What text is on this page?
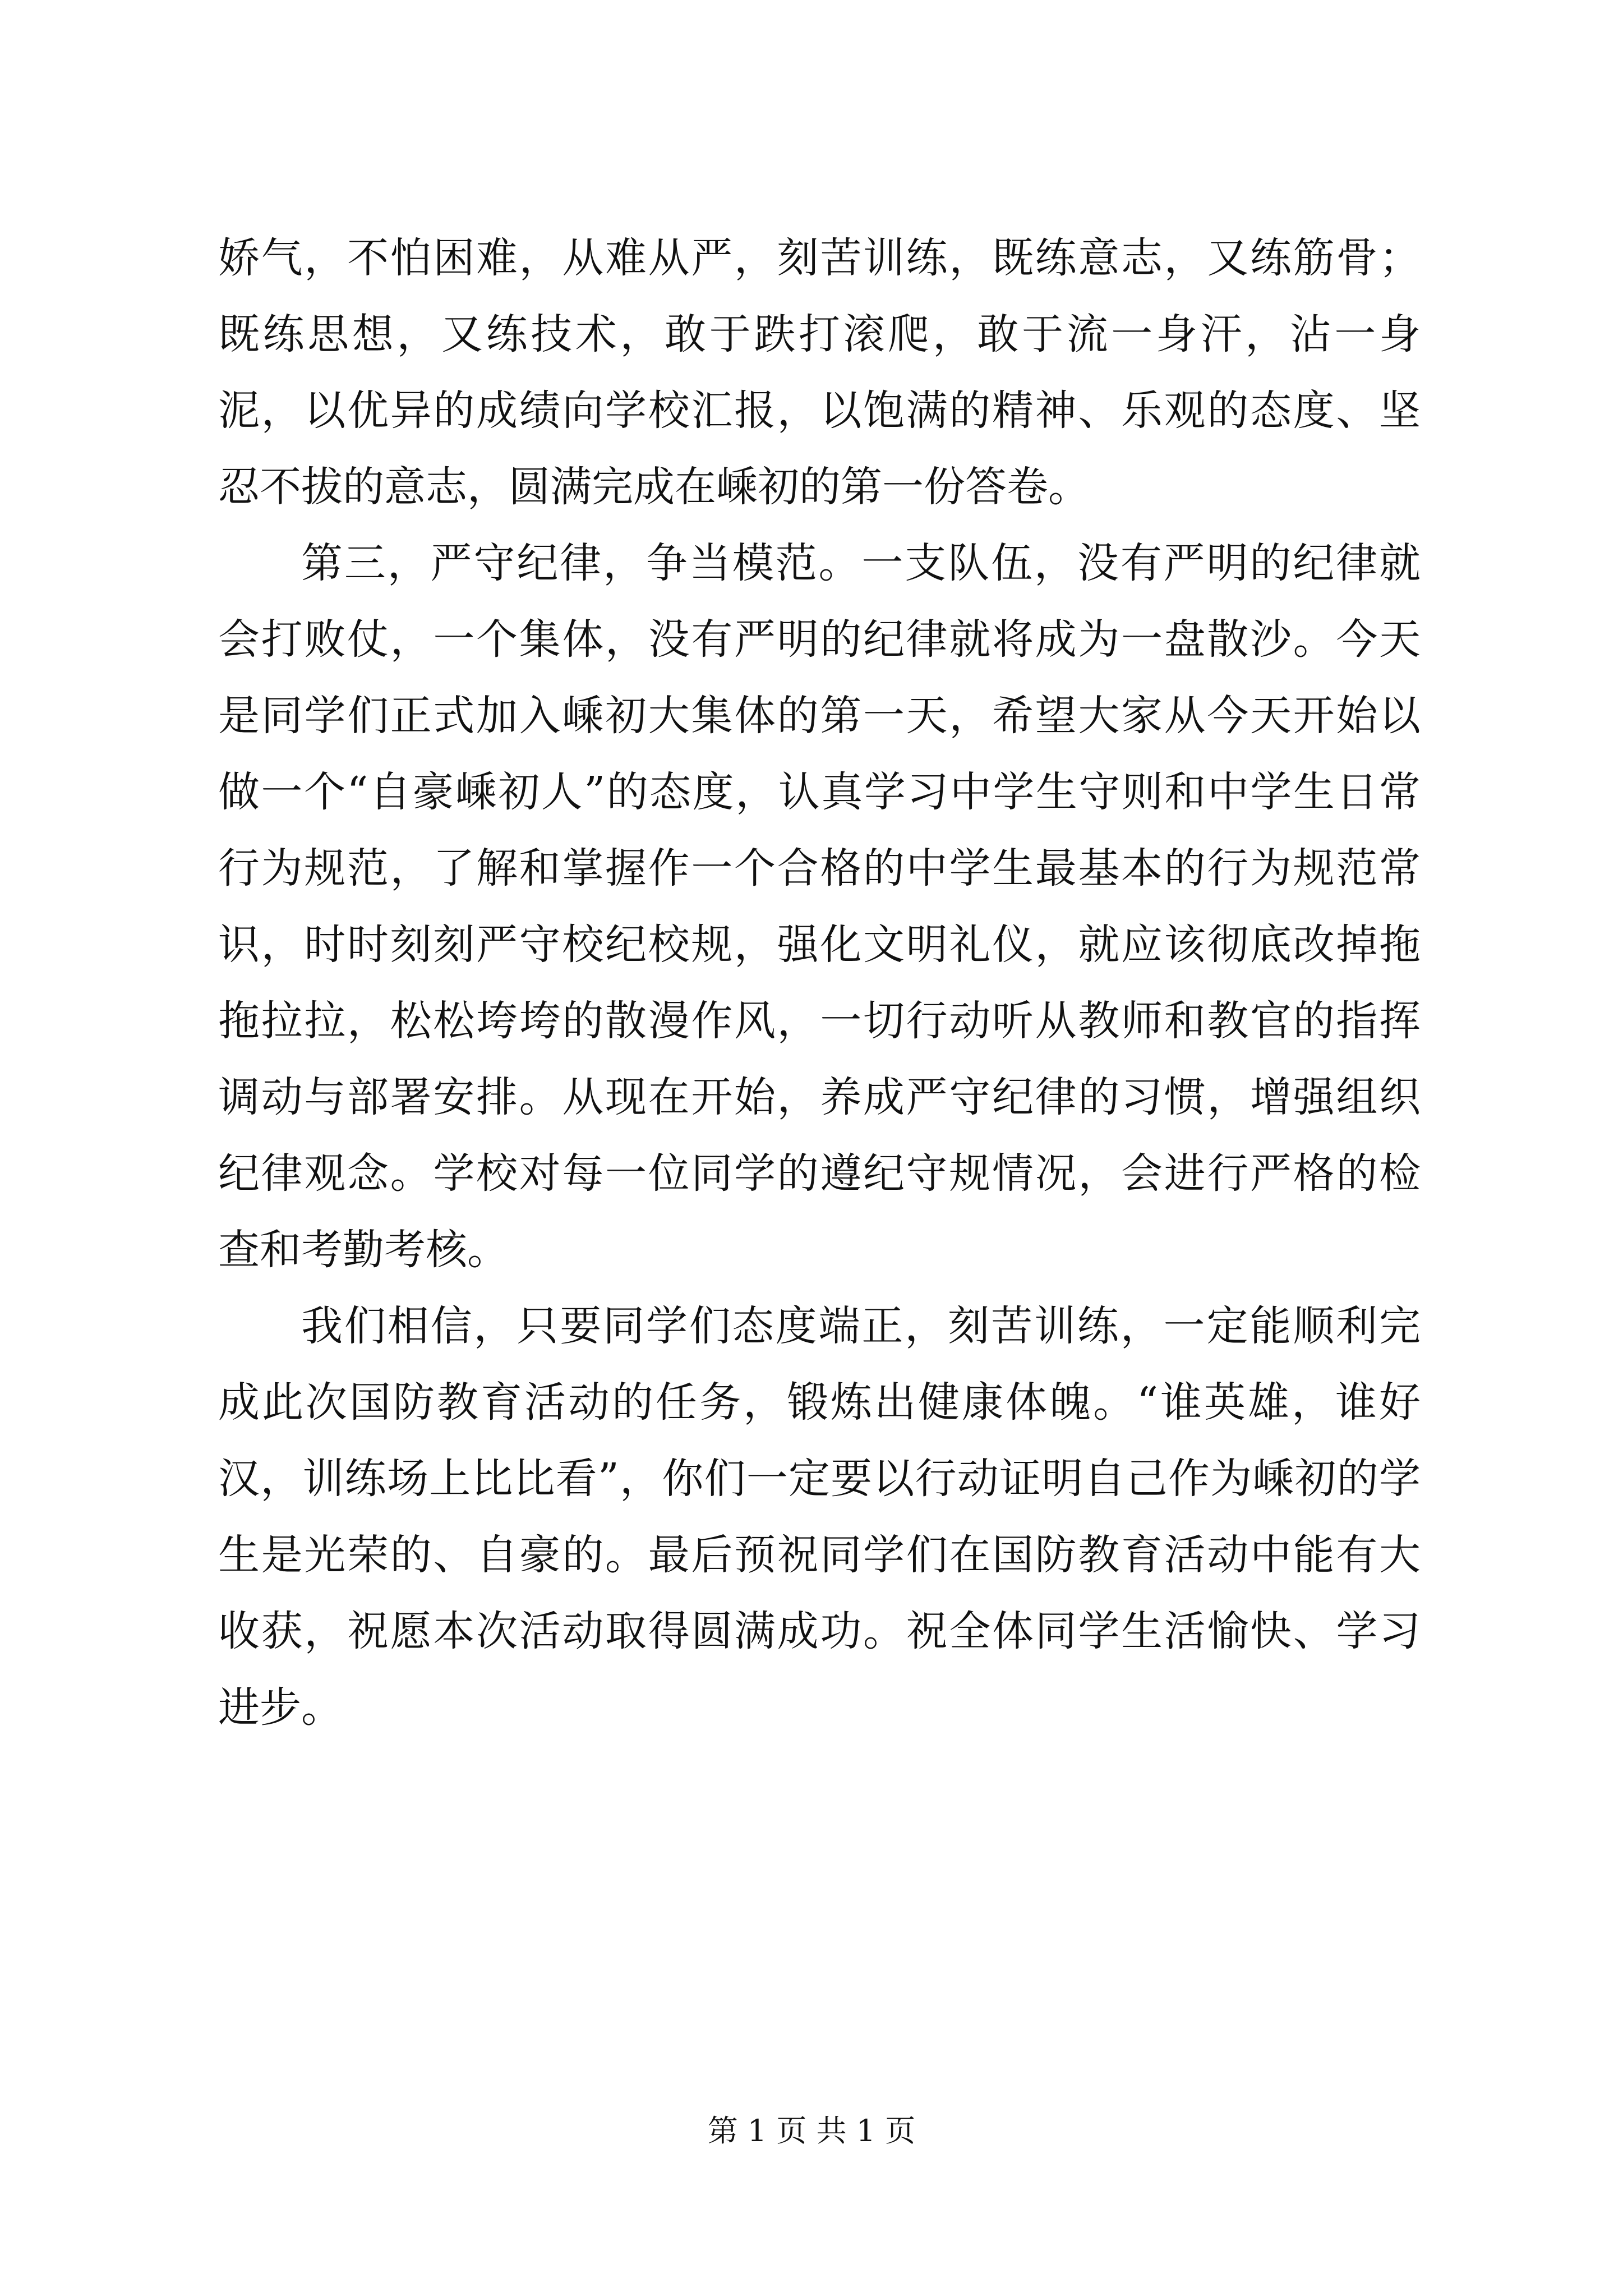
娇气，不怕困难，从难从严，刻苦训练，既练意志，又练筋骨；既练思想，又练技术，敢于跌打滚爬，敢于流一身汗，沾一身泥，以优异的成绩向学校汇报，以饱满的精神、乐观的态度、坚忍不拔的意志，圆满完成在嵊初的第一份答卷。

第三，严守纪律，争当模范。一支队伍，没有严明的纪律就会打败仗，一个集体，没有严明的纪律就将成为一盘散沙。今天是同学们正式加入嵊初大集体的第一天，希望大家从今天开始以做一个“自豪嵊初人”的态度，认真学习中学生守则和中学生日常行为规范，了解和掌握作一个合格的中学生最基本的行为规范常识，时时刻刻严守校纪校规，强化文明礼仪，就应该彻底改掉拖拖拉拉，松松垮垮的散漫作风，一切行动听从教师和教官的指挥调动与部署安排。从现在开始，养成严守纪律的习惯，增强组织纪律观念。学校对每一位同学的遵纪守规情况，会进行严格的检查和考勤考核。

我们相信，只要同学们态度端正，刻苦训练，一定能顺利完成此次国防教育活动的任务，锻炼出健康体魄。“谁英雄，谁好汉，训练场上比比看”，你们一定要以行动证明自己作为嵊初的学生是光荣的、自豪的。最后预祝同学们在国防教育活动中能有大收获，祝愿本次活动取得圆满成功。祝全体同学生活愉快、学习进步。

第 1 页 共 1 页
